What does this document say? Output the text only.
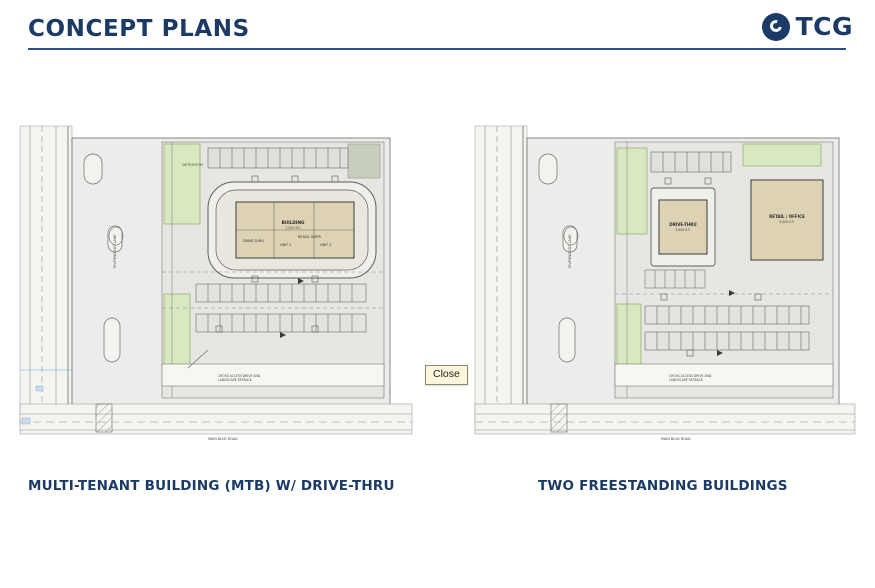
CONCEPT PLANS	TCG
DETENTION
BUILDING
7,500 S.F.
DRIVE-THRU
UNIT 2	UNIT 3
RETAIL UNITS
CROSS ACCESS DRIVE AND
LANDSCAPE SETBACK
MAIN BLVD ROAD
RIVERWOODS LANE
MULTI-TENANT BUILDING (MTB) W/ DRIVE-THRU
DRIVE-THRU
2,400 S.F.
RETAIL / OFFICE
5,000 S.F.
CROSS ACCESS DRIVE AND
LANDSCAPE SETBACK
MAIN BLVD ROAD
RIVERWOODS LANE
TWO FREESTANDING BUILDINGS
Close
